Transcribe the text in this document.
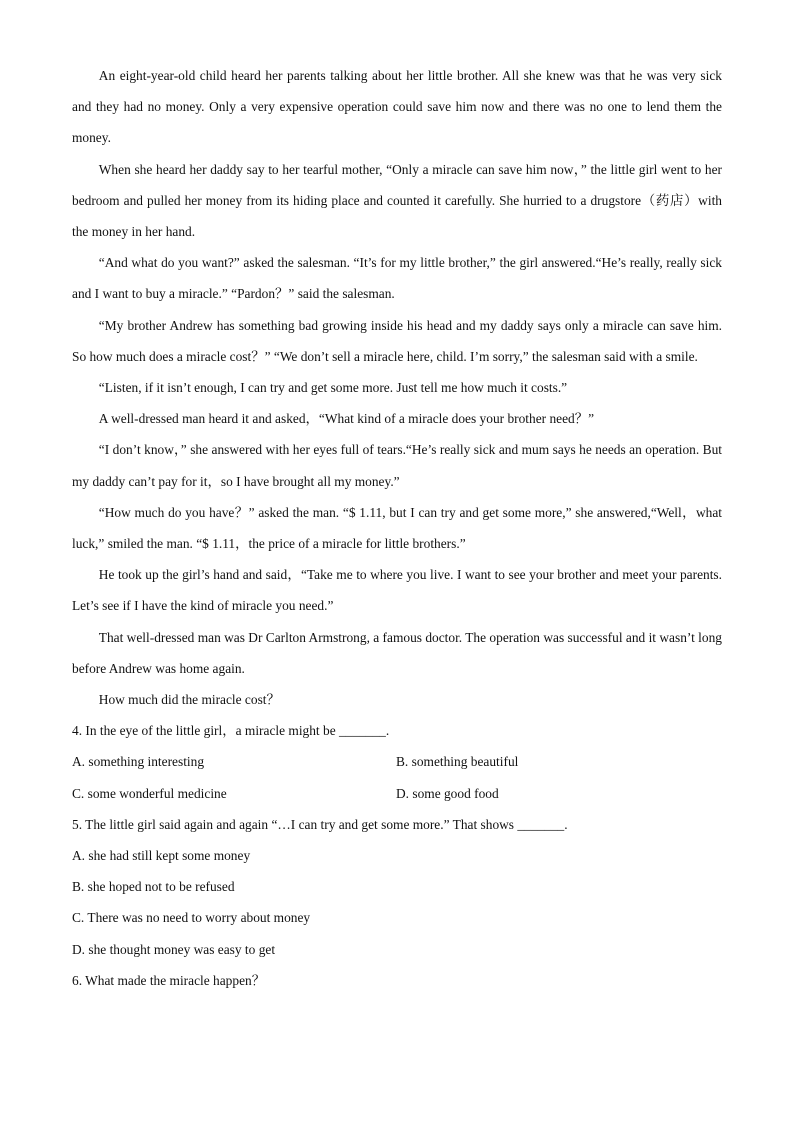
An eight-year-old child heard her parents talking about her little brother. All she knew was that he was very sick and they had no money. Only a very expensive operation could save him now and there was no one to lend them the money.

When she heard her daddy say to her tearful mother, “Only a miracle can save him now，” the little girl went to her bedroom and pulled her money from its hiding place and counted it carefully. She hurried to a drugstore（药店）with the money in her hand.

“And what do you want?” asked the salesman. “It’s for my little brother,” the girl answered.“He’s really, really sick and I want to buy a miracle.” “Pardon？” said the salesman.

“My brother Andrew has something bad growing inside his head and my daddy says only a miracle can save him. So how much does a miracle cost？” “We don’t sell a miracle here, child. I’m sorry,” the salesman said with a smile.

“Listen, if it isn’t enough, I can try and get some more. Just tell me how much it costs.”

A well-dressed man heard it and asked，“What kind of a miracle does your brother need？”

“I don’t know，” she answered with her eyes full of tears.“He’s really sick and mum says he needs an operation. But my daddy can’t pay for it，so I have brought all my money.”

“How much do you have？” asked the man. “$ 1.11, but I can try and get some more,” she answered,“Well，what luck,” smiled the man. “$ 1.11，the price of a miracle for little brothers.”

He took up the girl’s hand and said，“Take me to where you live. I want to see your brother and meet your parents. Let’s see if I have the kind of miracle you need.”

That well-dressed man was Dr Carlton Armstrong, a famous doctor. The operation was successful and it wasn’t long before Andrew was home again.

How much did the miracle cost？

4. In the eye of the little girl，a miracle might be _______.

A. something interesting	B. something beautiful
C. some wonderful medicine	D. some good food

5. The little girl said again and again “…I can try and get some more.” That shows _______.

A. she had still kept some money

B. she hoped not to be refused

C. There was no need to worry about money

D. she thought money was easy to get

6. What made the miracle happen？
